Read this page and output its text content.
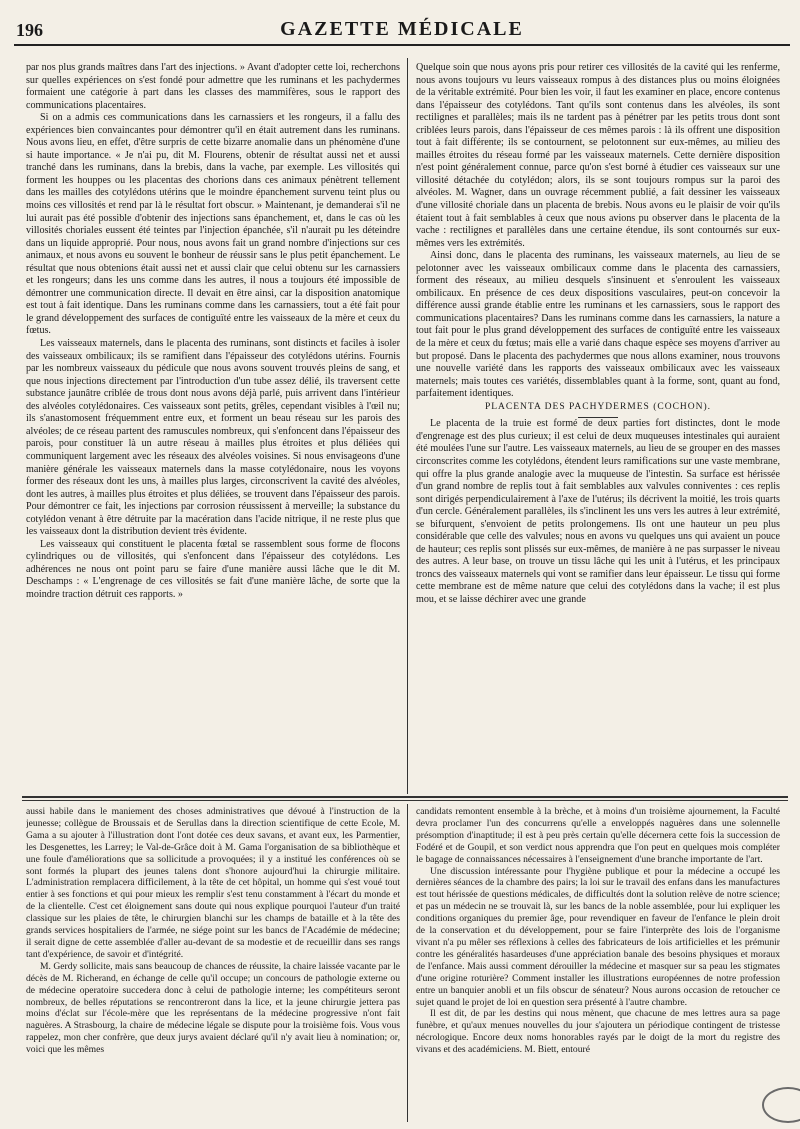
196	GAZETTE MÉDICALE

par nos plus grands maîtres dans l'art des injections. » Avant d'adopter cette loi, recherchons sur quelles expériences on s'est fondé pour admettre que les ruminans et les pachydermes formaient une catégorie à part dans les classes des mammifères, sous le rapport des communications placentaires.

Si on a admis ces communications dans les carnassiers et les rongeurs, il a fallu des expériences bien convaincantes pour démontrer qu'il en était autrement dans les ruminans. Nous avons lieu, en effet, d'être surpris de cette bizarre anomalie dans un phénomène d'une si haute importance. « Je n'ai pu, dit M. Flourens, obtenir de résultat aussi net et aussi tranché dans les ruminans, dans la brebis, dans la vache, par exemple. Les villosités qui forment les houppes ou les placentas des chorions dans ces animaux pénètrent tellement dans les mailles des cotylédons utérins que le moindre épanchement survenu teint plus ou moins ces villosités et rend par là le résultat fort obscur. » Maintenant, je demanderai s'il ne lui aurait pas été possible d'obtenir des injections sans épanchement, et, dans le cas où les villosités choriales eussent été teintes par l'injection épanchée, s'il n'aurait pu les déteindre dans un liquide approprié. Pour nous, nous avons fait un grand nombre d'injections sur ces animaux, et nous avons eu souvent le bonheur de réussir sans le plus petit épanchement. Le résultat que nous obtenions était aussi net et aussi clair que celui obtenu sur les carnassiers et les rongeurs; dans les uns comme dans les autres, il nous a toujours été impossible de démontrer une communication directe. Il devait en être ainsi, car la disposition anatomique est tout à fait identique. Dans les ruminans comme dans les carnassiers, tout a été fait pour le grand développement des surfaces de contiguïté entre les vaisseaux de la mère et ceux du fœtus.

Les vaisseaux maternels, dans le placenta des ruminans, sont distincts et faciles à isoler des vaisseaux ombilicaux; ils se ramifient dans l'épaisseur des cotylédons utérins. Fournis par les nombreux vaisseaux du pédicule que nous avons souvent trouvés pleins de sang, et que nous injections directement par l'introduction d'un tube assez délié, ils traversent cette substance jaunâtre criblée de trous dont nous avons déjà parlé, puis arrivent dans l'intérieur des alvéoles cotylédonaires. Ces vaisseaux sont petits, grêles, cependant visibles à l'œil nu; ils s'anastomosent fréquemment entre eux, et forment un beau réseau sur les parois des alvéoles; de ce réseau partent des ramuscules nombreux, qui s'enfoncent dans l'épaisseur des parois, pour constituer là un autre réseau à mailles plus étroites et plus déliées qui communiquent largement avec les réseaux des alvéoles voisines. Si nous envisageons d'une manière générale les vaisseaux maternels dans la masse cotylédonaire, nous les voyons former des réseaux dont les uns, à mailles plus larges, circonscrivent la cavité des alvéoles, dont les autres, à mailles plus étroites et plus déliées, se trouvent dans l'épaisseur des parois. Pour démontrer ce fait, les injections par corrosion réussissent à merveille; la substance du cotylédon venant à être détruite par la macération dans l'acide nitrique, il ne reste plus que les vaisseaux dont la distribution devient très évidente.

Les vaisseaux qui constituent le placenta fœtal se rassemblent sous forme de flocons cylindriques ou de villosités, qui s'enfoncent dans l'épaisseur des cotylédons. Les adhérences ne nous ont point paru se faire d'une manière aussi lâche que le dit M. Deschamps : « L'engrenage de ces villosités se fait d'une manière lâche, de sorte que la moindre traction détruit ces rapports. »

Quelque soin que nous ayons pris pour retirer ces villosités de la cavité qui les renferme, nous avons toujours vu leurs vaisseaux rompus à des distances plus ou moins éloignées de la véritable extrémité. Pour bien les voir, il faut les examiner en place, encore contenus dans l'épaisseur des cotylédons. Tant qu'ils sont contenus dans les alvéoles, ils sont rectilignes et parallèles; mais ils ne tardent pas à pénétrer par les petits trous dont sont criblées leurs parois, dans l'épaisseur de ces mêmes parois : là ils offrent une disposition tout à fait différente; ils se contournent, se pelotonnent sur eux-mêmes, au milieu des mailles étroites du réseau formé par les vaisseaux maternels. Cette dernière disposition n'est point généralement connue, parce qu'on s'est borné à étudier ces vaisseaux sur une villosité détachée du cotylédon; alors, ils se sont toujours rompus sur la paroi des alvéoles. M. Wagner, dans un ouvrage récemment publié, a fait dessiner les vaisseaux d'une villosité choriale dans un placenta de brebis. Nous avons eu le plaisir de voir qu'ils étaient tout à fait semblables à ceux que nous avions pu observer dans le placenta de la vache : rectilignes et parallèles dans une certaine étendue, ils sont contournés sur eux-mêmes vers les extrémités.

Ainsi donc, dans le placenta des ruminans, les vaisseaux maternels, au lieu de se pelotonner avec les vaisseaux ombilicaux comme dans le placenta des carnassiers, forment des réseaux, au milieu desquels s'insinuent et s'enroulent les vaisseaux ombilicaux. En présence de ces deux dispositions vasculaires, peut-on concevoir la différence aussi grande établie entre les ruminans et les carnassiers, sous le rapport des communications placentaires? Dans les ruminans comme dans les carnassiers, la nature a tout fait pour le plus grand développement des surfaces de contiguïté entre les vaisseaux de la mère et ceux du fœtus; mais elle a varié dans chaque espèce ses moyens d'arriver au but proposé. Dans le placenta des pachydermes que nous allons examiner, nous trouvons une nouvelle variété dans les rapports des vaisseaux ombilicaux avec les vaisseaux maternels; mais toutes ces variétés, dissemblables quant à la forme, sont, quant au fond, parfaitement identiques.

PLACENTA DES PACHYDERMES (COCHON).

Le placenta de la truie est formé de deux parties fort distinctes, dont le mode d'engrenage est des plus curieux; il est celui de deux muqueuses intestinales qui auraient été moulées l'une sur l'autre. Les vaisseaux maternels, au lieu de se grouper en des masses circonscrites comme les cotylédons, étendent leurs ramifications sur une vaste membrane, qui offre la plus grande analogie avec la muqueuse de l'intestin. Sa surface est hérissée d'un grand nombre de replis tout à fait semblables aux valvules conniventes : ces replis sont dirigés perpendiculairement à l'axe de l'utérus; ils décrivent la moitié, les trois quarts d'un cercle. Généralement parallèles, ils s'inclinent les uns vers les autres à leur extrémité, se bifurquent, s'envoient de petits prolongemens. Ils ont une hauteur un peu plus considérable que celle des valvules; nous en avons vu quelques uns qui avaient un pouce de hauteur; ces replis sont plissés sur eux-mêmes, de manière à ne pas surpasser le niveau des autres. A leur base, on trouve un tissu lâche qui les unit à l'utérus, et les principaux troncs des vaisseaux maternels qui vont se ramifier dans leur épaisseur. Le tissu qui forme cette membrane est de même nature que celui des cotylédons dans la vache; il est plus mou, et se laisse déchirer avec une grande

aussi habile dans le maniement des choses administratives que dévoué à l'instruction de la jeunesse; collègue de Broussais et de Serullas dans la direction scientifique de cette Ecole, M. Gama a su ajouter à l'illustration dont l'ont dotée ces deux savans, et avant eux, les Parmentier, les Desgenettes, les Larrey; le Val-de-Grâce doit à M. Gama l'organisation de sa bibliothèque et une foule d'améliorations que sa sollicitude a provoquées; il y a institué les conférences où se sont formés la plupart des jeunes talens dont s'honore aujourd'hui la chirurgie militaire. L'administration remplacera difficilement, à la tête de cet hôpital, un homme qui s'est voué tout entier à ses fonctions et qui pour mieux les remplir s'est tenu constamment à l'écart du monde et de la clientelle. C'est cet éloignement sans doute qui nous explique pourquoi l'auteur d'un traité classique sur les plaies de tête, le chirurgien blanchi sur les champs de bataille et à la tête des grands services hospitaliers de l'armée, ne siége point sur les bancs de l'Académie de médecine; il serait digne de cette assemblée d'aller au-devant de sa modestie et de recueillir dans ses rangs tant d'expérience, de savoir et d'intégrité.

M. Gerdy sollicite, mais sans beaucoup de chances de réussite, la chaire laissée vacante par le décès de M. Richerand, en échange de celle qu'il occupe; un concours de pathologie externe ou de médecine operatoire succedera donc à celui de pathologie interne; les compétiteurs seront nombreux, de belles réputations se rencontreront dans la lice, et la jeune chirurgie jettera pas moins d'éclat sur l'école-mère que les représentans de la médecine progressive n'ont fait naguères. A Strasbourg, la chaire de médecine légale se dispute pour la troisième fois. Vous vous rappelez, mon cher confrère, que deux jurys avaient déclaré qu'il n'y avait lieu à nomination; or, voici que les mêmes

candidats remontent ensemble à la brèche, et à moins d'un troisième ajournement, la Faculté devra proclamer l'un des concurrens qu'elle a enveloppés naguères dans une solennelle présomption d'inaptitude; il est à peu près certain qu'elle décernera cette fois la succession de Fodéré et de Goupil, et son verdict nous apprendra que l'on peut en quelques mois compléter le bagage de connaissances nécessaires à l'enseignement d'une branche importante de l'art.

Une discussion intéressante pour l'hygiène publique et pour la médecine a occupé les dernières séances de la chambre des pairs; la loi sur le travail des enfans dans les manufactures est tout hérissée de questions médicales, de difficultés dont la solution relève de notre science; et pas un médecin ne se trouvait là, sur les bancs de la noble assemblée, pour lui expliquer les conditions organiques du premier âge, pour revendiquer en faveur de l'enfance le plein droit de la conservation et du développement, pour se faire l'interprète des lois de l'organisme vivant n'a pu mêler ses réflexions à celles des fabricateurs de lois artificielles et les prémunir contre les généralités hasardeuses d'une appréciation banale des besoins physiques et moraux de l'enfance. Mais aussi comment dérouiller la médecine et masquer sur sa peau les stigmates d'une origine roturière? Comment installer les illustrations européennes de notre profession entre un banquier anobli et un fils obscur de sénateur? Nous aurons occasion de retoucher ce sujet quand le projet de loi en question sera présenté à l'autre chambre.

Il est dit, de par les destins qui nous mènent, que chacune de mes lettres aura sa page funèbre, et qu'aux menues nouvelles du jour s'ajoutera un périodique contingent de tristesse nécrologique. Encore deux noms honorables rayés par le doigt de la mort du registre des vivans et des académiciens. M. Biett, entouré
